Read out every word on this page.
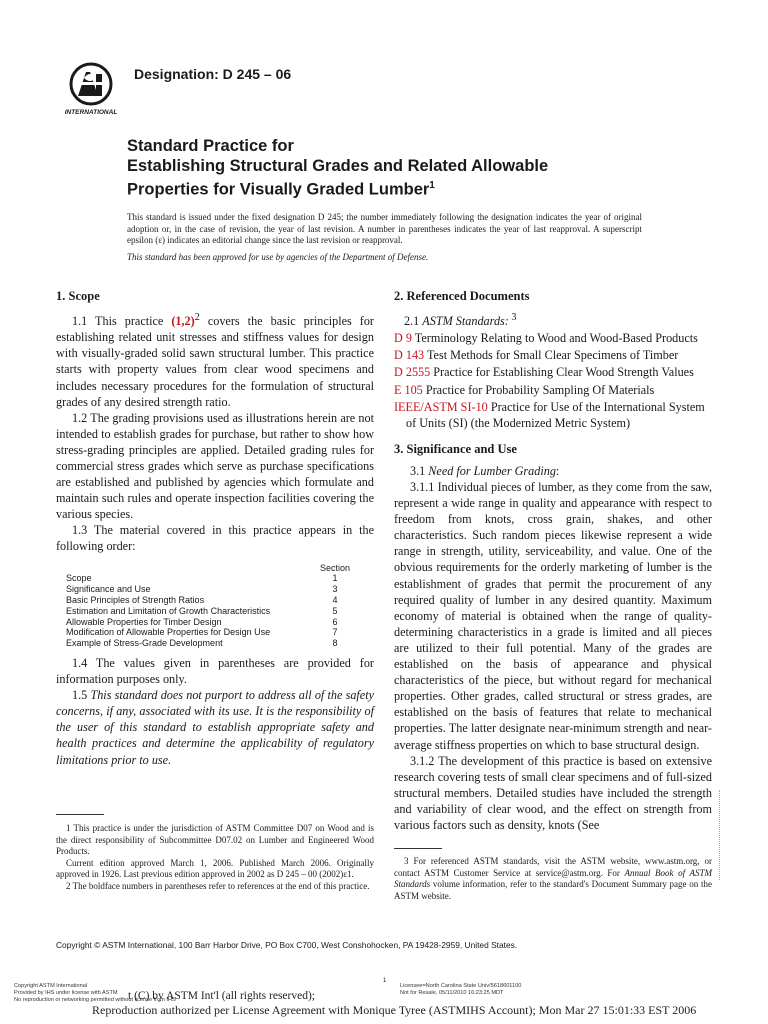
INTERNATIONAL
Designation: D 245 – 06
Standard Practice for
Establishing Structural Grades and Related Allowable
Properties for Visually Graded Lumber$^1$
This standard is issued under the fixed designation D 245; the number immediately following the designation indicates the year of original adoption or, in the case of revision, the year of last revision. A number in parentheses indicates the year of last reapproval. A superscript epsilon (ε) indicates an editorial change since the last revision or reapproval.
This standard has been approved for use by agencies of the Department of Defense.

1. Scope

1.1 This practice $(1,2)^2$ covers the basic principles for establishing related unit stresses and stiffness values for design with visually-graded solid sawn structural lumber. This practice starts with property values from clear wood specimens and includes necessary procedures for the formulation of structural grades of any desired strength ratio.

1.2 The grading provisions used as illustrations herein are not intended to establish grades for purchase, but rather to show how stress-grading principles are applied. Detailed grading rules for commercial stress grades which serve as purchase specifications are established and published by agencies which formulate and maintain such rules and operate inspection facilities covering the various species.

1.3 The material covered in this practice appears in the following order:

Section
Scope	1
Significance and Use	3
Basic Principles of Strength Ratios	4
Estimation and Limitation of Growth Characteristics	5
Allowable Properties for Timber Design	6
Modification of Allowable Properties for Design Use	7
Example of Stress-Grade Development	8

1.4 The values given in parentheses are provided for information purposes only.

1.5 This standard does not purport to address all of the safety concerns, if any, associated with its use. It is the responsibility of the user of this standard to establish appropriate safety and health practices and determine the applicability of regulatory limitations prior to use.

2. Referenced Documents

2.1 ASTM Standards: $^3$

D 9 Terminology Relating to Wood and Wood-Based Products

D 143 Test Methods for Small Clear Specimens of Timber

D 2555 Practice for Establishing Clear Wood Strength Values

E 105 Practice for Probability Sampling Of Materials

IEEE/ASTM SI-10 Practice for Use of the International System of Units (SI) (the Modernized Metric System)

3. Significance and Use

3.1 Need for Lumber Grading:

3.1.1 Individual pieces of lumber, as they come from the saw, represent a wide range in quality and appearance with respect to freedom from knots, cross grain, shakes, and other characteristics. Such random pieces likewise represent a wide range in strength, utility, serviceability, and value. One of the obvious requirements for the orderly marketing of lumber is the establishment of grades that permit the procurement of any required quality of lumber in any desired quantity. Maximum economy of material is obtained when the range of quality-determining characteristics in a grade is limited and all pieces are utilized to their full potential. Many of the grades are established on the basis of appearance and physical characteristics of the piece, but without regard for mechanical properties. Other grades, called structural or stress grades, are established on the basis of features that relate to mechanical properties. The latter designate near-minimum strength and near-average stiffness properties on which to base structural design.

3.1.2 The development of this practice is based on extensive research covering tests of small clear specimens and of full-sized structural members. Detailed studies have included the strength and variability of clear wood, and the effect on strength from various factors such as density, knots (See

1 This practice is under the jurisdiction of ASTM Committee D07 on Wood and is the direct responsibility of Subcommittee D07.02 on Lumber and Engineered Wood Products.

Current edition approved March 1, 2006. Published March 2006. Originally approved in 1926. Last previous edition approved in 2002 as D 245 – 00 (2002)ε1.

2 The boldface numbers in parentheses refer to references at the end of this practice.

3 For referenced ASTM standards, visit the ASTM website, www.astm.org, or contact ASTM Customer Service at service@astm.org. For Annual Book of ASTM Standards volume information, refer to the standard's Document Summary page on the ASTM website.

Copyright © ASTM International, 100 Barr Harbor Drive, PO Box C700, West Conshohocken, PA 19428-2959, United States.
1
Copyright ASTM International
Provided by IHS under license with ASTM
No reproduction or networking permitted without license from IHS
Licensee=North Carolina State Univ/5618601100
Not for Resale, 05/11/2010 16:23:25 MDT
t (C) by ASTM Int'l (all rights reserved);
Reproduction authorized per License Agreement with Monique Tyree (ASTMIHS Account); Mon Mar 27 15:01:33 EST 2006
